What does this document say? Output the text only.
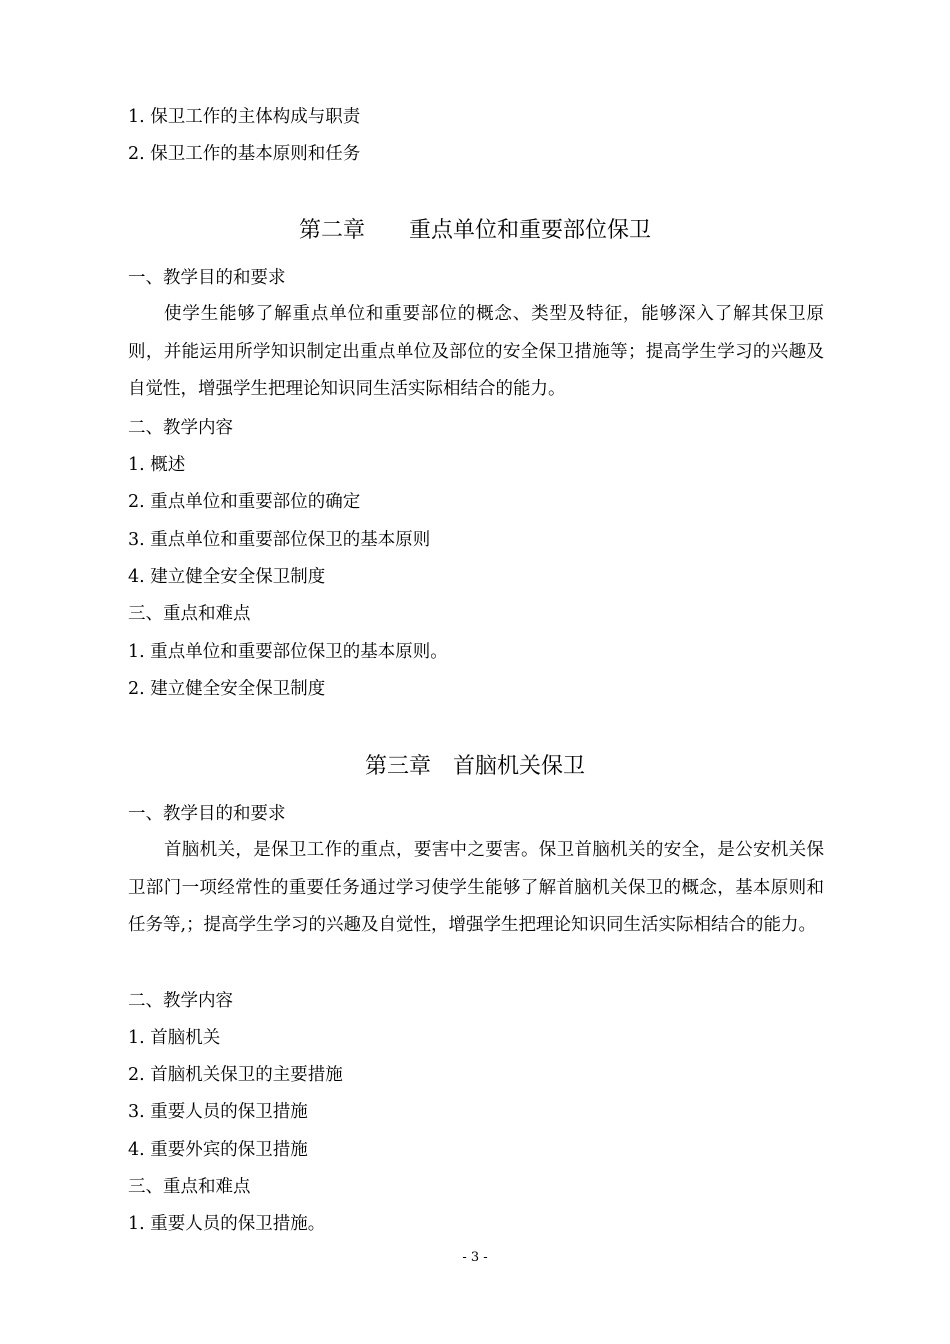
1. 保卫工作的主体构成与职责
2. 保卫工作的基本原则和任务
第二章　　重点单位和重要部位保卫
一、教学目的和要求
使学生能够了解重点单位和重要部位的概念、类型及特征，能够深入了解其保卫原则，并能运用所学知识制定出重点单位及部位的安全保卫措施等；提高学生学习的兴趣及自觉性，增强学生把理论知识同生活实际相结合的能力。
二、教学内容
1. 概述
2. 重点单位和重要部位的确定
3. 重点单位和重要部位保卫的基本原则
4. 建立健全安全保卫制度
三、重点和难点
1. 重点单位和重要部位保卫的基本原则。
2. 建立健全安全保卫制度
第三章　首脑机关保卫
一、教学目的和要求
首脑机关，是保卫工作的重点，要害中之要害。保卫首脑机关的安全，是公安机关保卫部门一项经常性的重要任务通过学习使学生能够了解首脑机关保卫的概念，基本原则和任务等,；提高学生学习的兴趣及自觉性，增强学生把理论知识同生活实际相结合的能力。
二、教学内容
1. 首脑机关
2. 首脑机关保卫的主要措施
3. 重要人员的保卫措施
4. 重要外宾的保卫措施
三、重点和难点
1. 重要人员的保卫措施。
- 3 -
